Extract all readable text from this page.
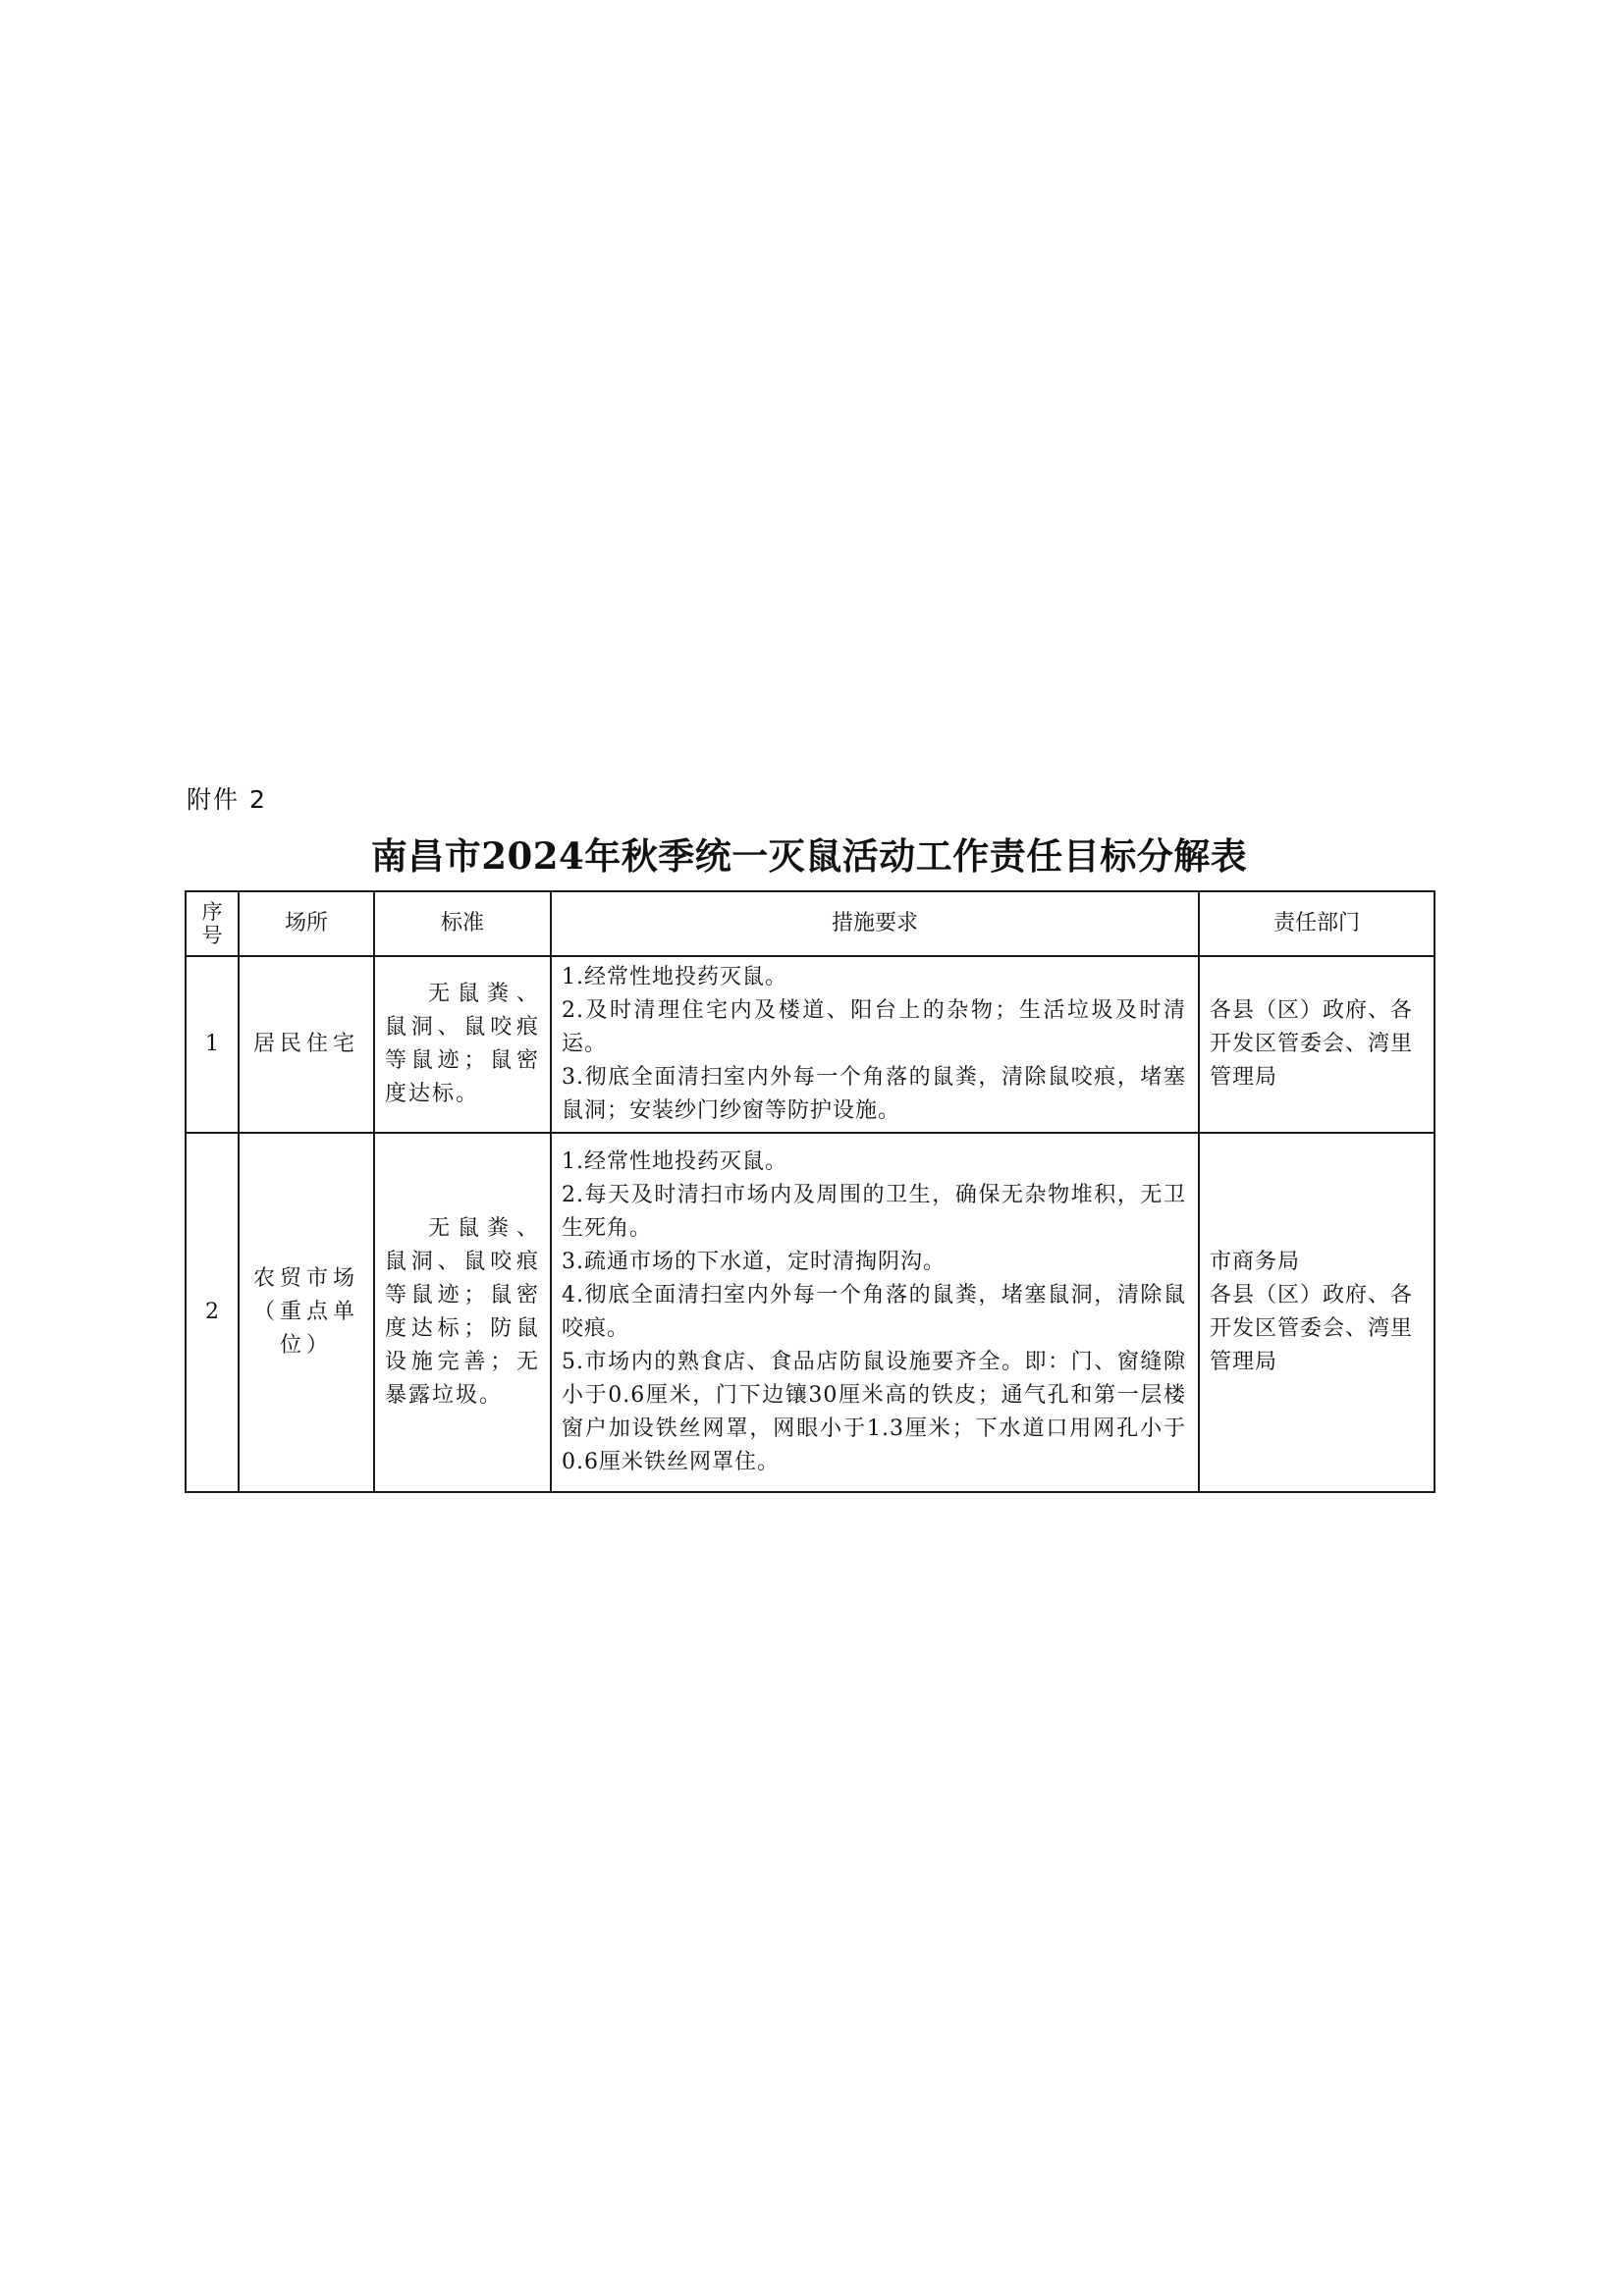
附件 2
南昌市2024年秋季统一灭鼠活动工作责任目标分解表
序号	场所	标准	措施要求	责任部门
1	居民住宅	无鼠粪、鼠洞、鼠咬痕等鼠迹；鼠密度达标。	1.经常性地投药灭鼠。
2.及时清理住宅内及楼道、阳台上的杂物；生活垃圾及时清运。
3.彻底全面清扫室内外每一个角落的鼠粪，清除鼠咬痕，堵塞鼠洞；安装纱门纱窗等防护设施。	各县（区）政府、各开发区管委会、湾里管理局

2	农贸市场（重点单位）	无鼠粪、鼠洞、鼠咬痕等鼠迹；鼠密度达标；防鼠设施完善；无暴露垃圾。	1.经常性地投药灭鼠。
2.每天及时清扫市场内及周围的卫生，确保无杂物堆积，无卫生死角。
3.疏通市场的下水道，定时清掏阴沟。
4.彻底全面清扫室内外每一个角落的鼠粪，堵塞鼠洞，清除鼠咬痕。
5.市场内的熟食店、食品店防鼠设施要齐全。即：门、窗缝隙小于0.6厘米，门下边镶30厘米高的铁皮；通气孔和第一层楼窗户加设铁丝网罩，网眼小于1.3厘米；下水道口用网孔小于0.6厘米铁丝网罩住。	市商务局
各县（区）政府、各开发区管委会、湾里管理局
